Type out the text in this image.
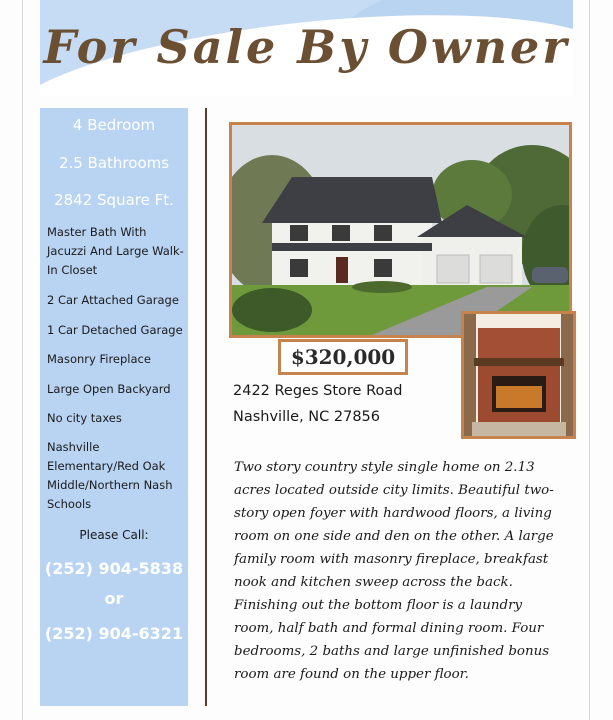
For Sale By Owner
4 Bedroom
2.5 Bathrooms
2842 Square Ft.
Master Bath With Jacuzzi And Large Walk-In Closet
2 Car Attached Garage
1 Car Detached Garage
Masonry Fireplace
Large Open Backyard
No city taxes
Nashville Elementary/Red Oak Middle/Northern Nash Schools
Please Call:
(252) 904-5838
or
(252) 904-6321
$320,000
2422 Reges Store Road
Nashville, NC 27856
Two story country style single home on 2.13 acres located outside city limits. Beautiful two-story open foyer with hardwood floors, a living room on one side and den on the other. A large family room with masonry fireplace, breakfast nook and kitchen sweep across the back. Finishing out the bottom floor is a laundry room, half bath and formal dining room. Four bedrooms, 2 baths and large unfinished bonus room are found on the upper floor.
